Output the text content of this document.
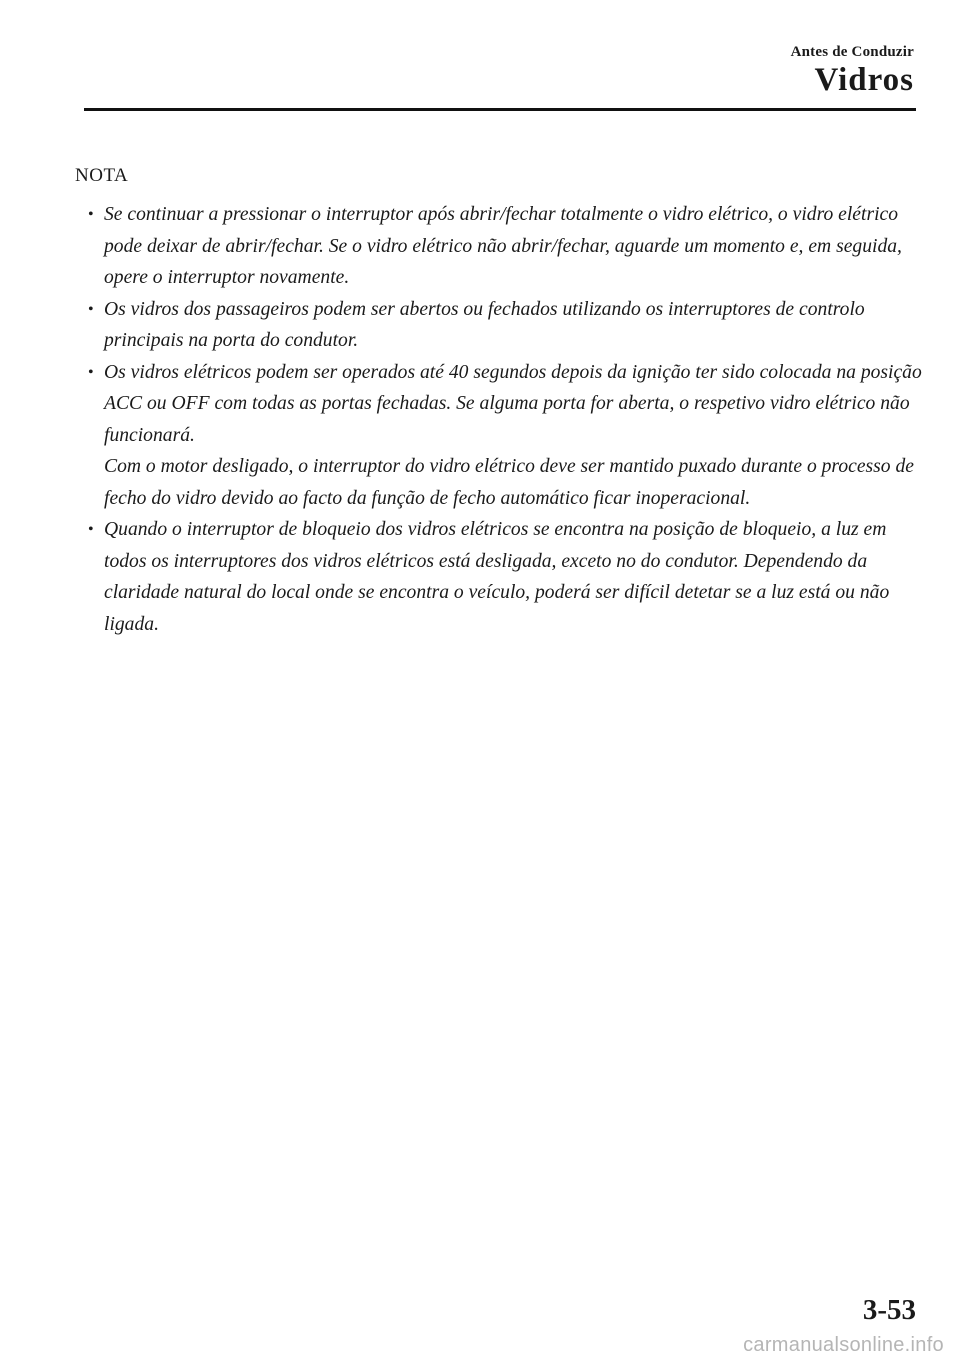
Antes de Conduzir
Vidros
NOTA
• Se continuar a pressionar o interruptor após abrir/fechar totalmente o vidro elétrico, o vidro elétrico pode deixar de abrir/fechar. Se o vidro elétrico não abrir/fechar, aguarde um momento e, em seguida, opere o interruptor novamente.

• Os vidros dos passageiros podem ser abertos ou fechados utilizando os interruptores de controlo principais na porta do condutor.

• Os vidros elétricos podem ser operados até 40 segundos depois da ignição ter sido colocada na posição ACC ou OFF com todas as portas fechadas. Se alguma porta for aberta, o respetivo vidro elétrico não funcionará.

Com o motor desligado, o interruptor do vidro elétrico deve ser mantido puxado durante o processo de fecho do vidro devido ao facto da função de fecho automático ficar inoperacional.

• Quando o interruptor de bloqueio dos vidros elétricos se encontra na posição de bloqueio, a luz em todos os interruptores dos vidros elétricos está desligada, exceto no do condutor. Dependendo da claridade natural do local onde se encontra o veículo, poderá ser difícil detetar se a luz está ou não ligada.

3-53
carmanualsonline.info
